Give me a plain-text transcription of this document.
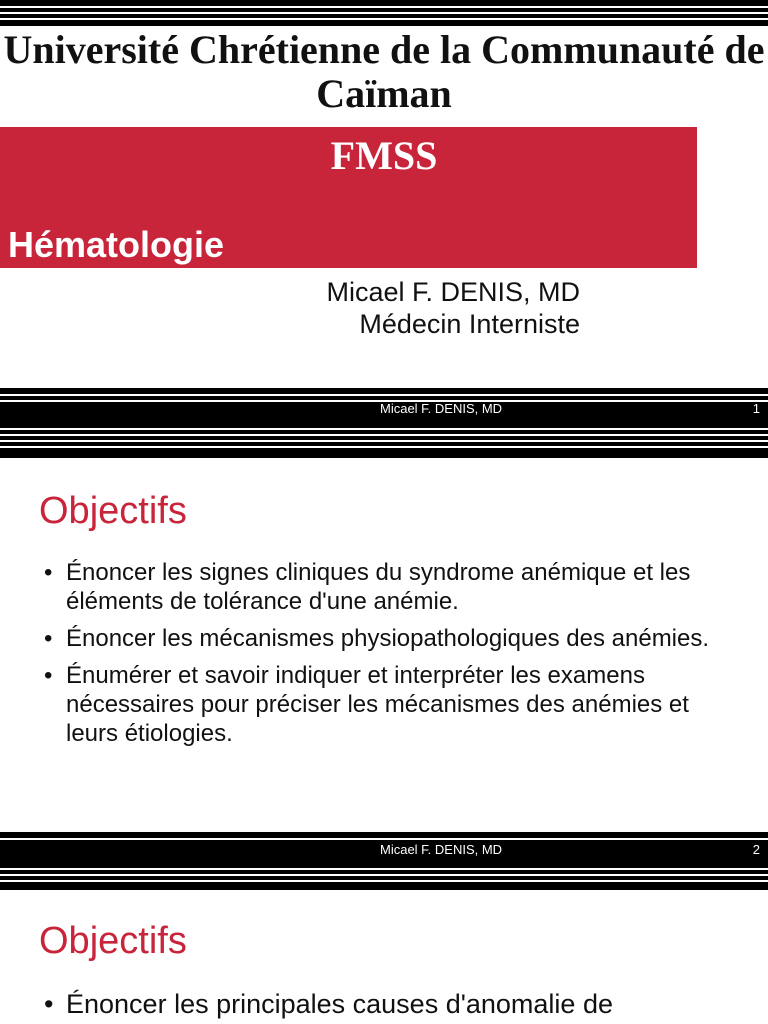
Université Chrétienne de la Communauté de Caïman
FMSS
Hématologie
Micael F. DENIS, MD
Médecin Interniste
Micael F. DENIS, MD	1
Objectifs
• Énoncer les signes cliniques du syndrome anémique et les éléments de tolérance d'une anémie.
• Énoncer les mécanismes physiopathologiques des anémies.
• Énumérer et savoir indiquer et interpréter les examens nécessaires pour préciser les mécanismes des anémies et leurs étiologies.
Micael F. DENIS, MD	2
Objectifs
• Énoncer les principales causes d'anomalie de
